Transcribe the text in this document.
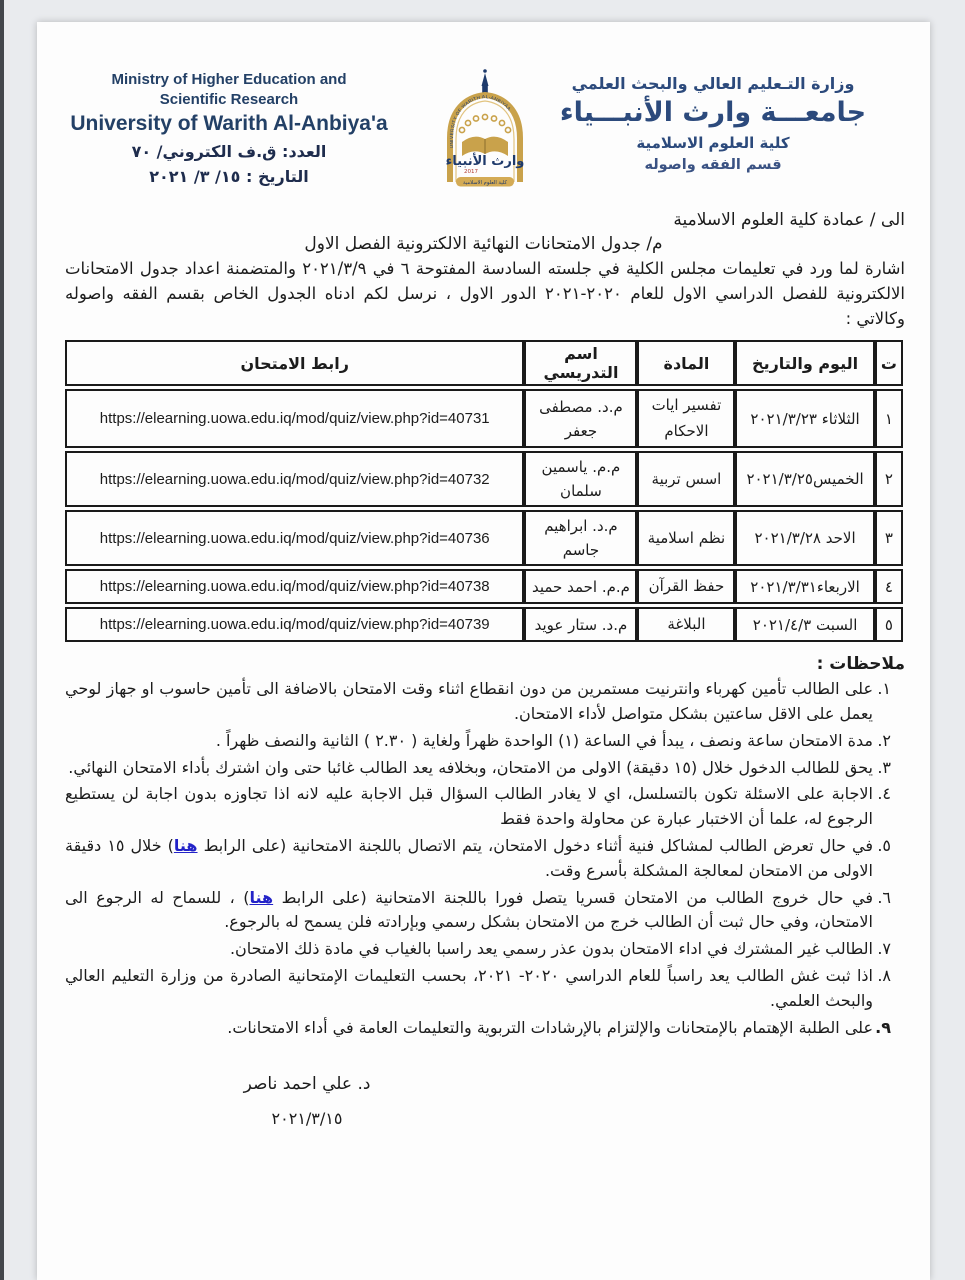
Ministry of Higher Education and
Scientific Research
University of Warith Al-Anbiya'a
العدد: ق.ف الكتروني/ ٧٠
التاريخ : ١٥/ ٣/ ٢٠٢١
UNIVERSITY OF WARITH AL-ANBIYAA
وارث الأنبياء
2017
كلية العلوم الاسلامية
وزارة التـعليم العالي والبحث العلمي
جامعـــة وارث الأنبـــياء
كلية العلوم الاسلامية
قسم الفقه واصوله
الى / عمادة كلية العلوم الاسلامية
م/ جدول الامتحانات النهائية الالكترونية الفصل الاول

اشارة لما ورد في تعليمات مجلس الكلية في جلسته السادسة المفتوحة ٦ في ٢٠٢١/٣/٩ والمتضمنة اعداد جدول الامتحانات الالكترونية للفصل الدراسي الاول للعام ٢٠٢٠-٢٠٢١ الدور الاول ، نرسل لكم ادناه الجدول الخاص بقسم الفقه واصوله وكالاتي :

ت	اليوم والتاريخ	المادة	اسم التدريسي	رابط الامتحان
١	الثلاثاء ٢٠٢١/٣/٢٣	تفسير ايات الاحكام	م.د. مصطفى جعفر	https://elearning.uowa.edu.iq/mod/quiz/view.php?id=40731
٢	الخميس٢٠٢١/٣/٢٥	اسس تربية	م.م. ياسمين سلمان	https://elearning.uowa.edu.iq/mod/quiz/view.php?id=40732
٣	الاحد ٢٠٢١/٣/٢٨	نظم اسلامية	م.د. ابراهيم جاسم	https://elearning.uowa.edu.iq/mod/quiz/view.php?id=40736
٤	الاربعاء٢٠٢١/٣/٣١	حفظ القرآن	م.م. احمد حميد	https://elearning.uowa.edu.iq/mod/quiz/view.php?id=40738
٥	السبت ٢٠٢١/٤/٣	البلاغة	م.د. ستار عويد	https://elearning.uowa.edu.iq/mod/quiz/view.php?id=40739
ملاحظات :
١.
على الطالب تأمين كهرباء وانترنيت مستمرين من دون انقطاع اثناء وقت الامتحان بالاضافة الى تأمين حاسوب او جهاز لوحي يعمل على الاقل ساعتين بشكل متواصل لأداء الامتحان.
٢.
مدة الامتحان ساعة ونصف ، يبدأ في الساعة (١) الواحدة ظهراً ولغاية ( ٢.٣٠ ) الثانية والنصف ظهراً .
٣.
يحق للطالب الدخول خلال (١٥ دقيقة) الاولى من الامتحان، وبخلافه يعد الطالب غائبا حتى وان اشترك بأداء الامتحان النهائي.
٤.
الاجابة على الاسئلة تكون بالتسلسل، اي لا يغادر الطالب السؤال قبل الاجابة عليه لانه اذا تجاوزه بدون اجابة لن يستطيع الرجوع له، علما أن الاختبار عبارة عن محاولة واحدة فقط
٥.
في حال تعرض الطالب لمشاكل فنية أثناء دخول الامتحان، يتم الاتصال باللجنة الامتحانية (على الرابط هنا) خلال ١٥ دقيقة الاولى من الامتحان لمعالجة المشكلة بأسرع وقت.
٦.
في حال خروج الطالب من الامتحان قسريا يتصل فورا باللجنة الامتحانية (على الرابط هنا) ، للسماح له الرجوع الى الامتحان، وفي حال ثبت أن الطالب خرج من الامتحان بشكل رسمي وبإرادته فلن يسمح له بالرجوع.
٧.
الطالب غير المشترك في اداء الامتحان بدون عذر رسمي يعد راسبا بالغياب في مادة ذلك الامتحان.
٨.
اذا ثبت غش الطالب يعد راسباً للعام الدراسي ٢٠٢٠- ٢٠٢١، بحسب التعليمات الإمتحانية الصادرة من وزارة التعليم العالي والبحث العلمي.
٩.
على الطلبة الإهتمام بالإمتحانات والإلتزام بالإرشادات التربوية والتعليمات العامة في أداء الامتحانات.
د. علي احمد ناصر
٢٠٢١/٣/١٥
